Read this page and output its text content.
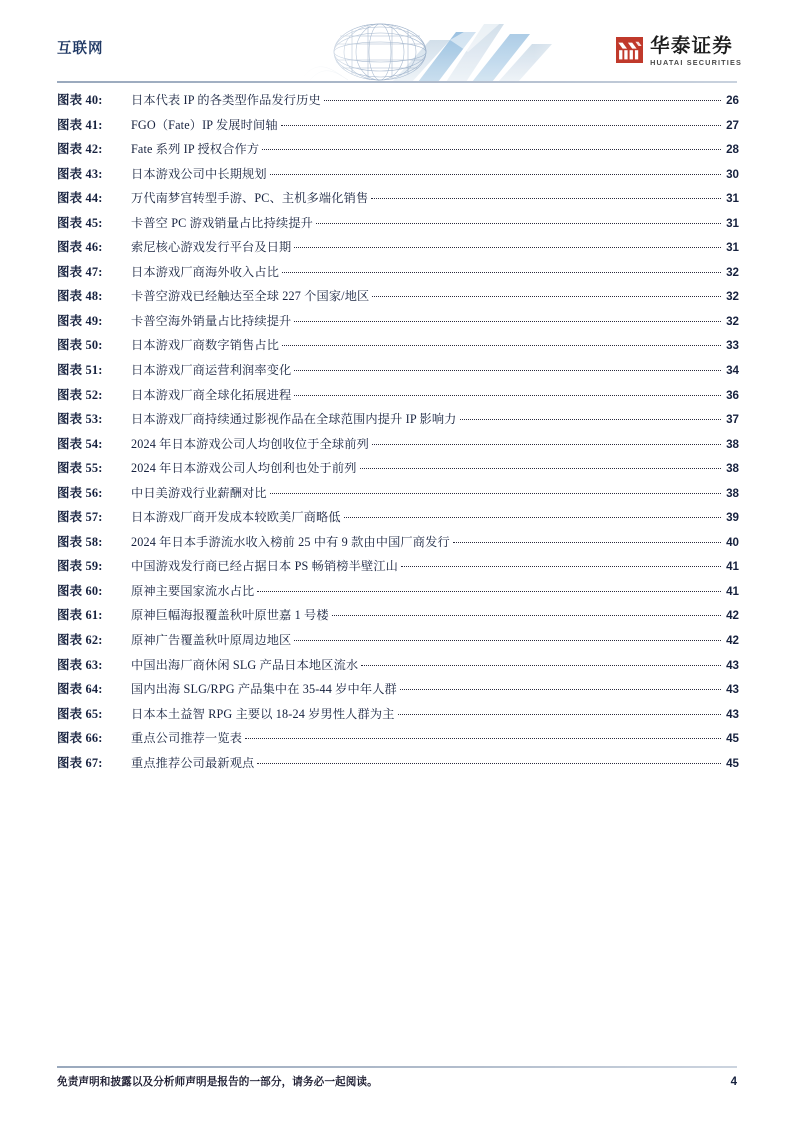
互联网	华泰证券
HUATAI SECURITIES
图表 40:	日本代表 IP 的各类型作品发行历史	26
图表 41:	FGO（Fate）IP 发展时间轴	27
图表 42:	Fate 系列 IP 授权合作方	28
图表 43:	日本游戏公司中长期规划	30
图表 44:	万代南梦宫转型手游、PC、主机多端化销售	31
图表 45:	卡普空 PC 游戏销量占比持续提升	31
图表 46:	索尼核心游戏发行平台及日期	31
图表 47:	日本游戏厂商海外收入占比	32
图表 48:	卡普空游戏已经触达至全球 227 个国家/地区	32
图表 49:	卡普空海外销量占比持续提升	32
图表 50:	日本游戏厂商数字销售占比	33
图表 51:	日本游戏厂商运营利润率变化	34
图表 52:	日本游戏厂商全球化拓展进程	36
图表 53:	日本游戏厂商持续通过影视作品在全球范围内提升 IP 影响力	37
图表 54:	2024 年日本游戏公司人均创收位于全球前列	38
图表 55:	2024 年日本游戏公司人均创利也处于前列	38
图表 56:	中日美游戏行业薪酬对比	38
图表 57:	日本游戏厂商开发成本较欧美厂商略低	39
图表 58:	2024 年日本手游流水收入榜前 25 中有 9 款由中国厂商发行	40
图表 59:	中国游戏发行商已经占据日本 PS 畅销榜半壁江山	41
图表 60:	原神主要国家流水占比	41
图表 61:	原神巨幅海报覆盖秋叶原世嘉 1 号楼	42
图表 62:	原神广告覆盖秋叶原周边地区	42
图表 63:	中国出海厂商休闲 SLG 产品日本地区流水	43
图表 64:	国内出海 SLG/RPG 产品集中在 35-44 岁中年人群	43
图表 65:	日本本土益智 RPG 主要以 18-24 岁男性人群为主	43
图表 66:	重点公司推荐一览表	45
图表 67:	重点推荐公司最新观点	45
免责声明和披露以及分析师声明是报告的一部分，请务必一起阅读。	4
